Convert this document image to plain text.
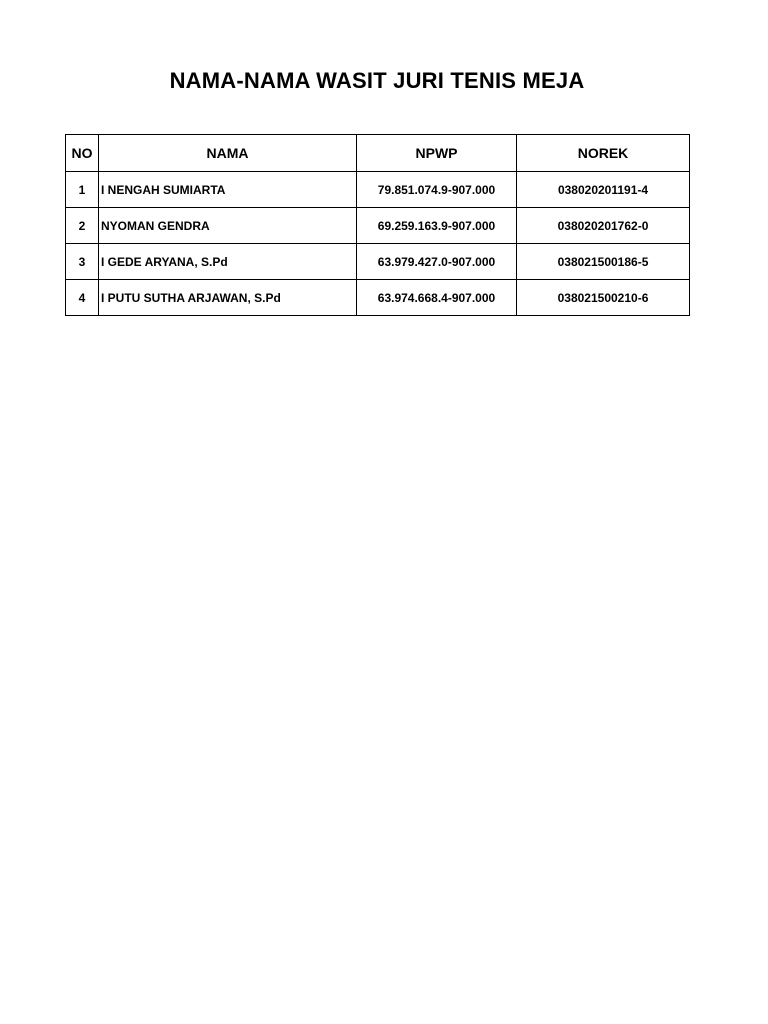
NAMA-NAMA WASIT JURI TENIS MEJA
NO	NAMA	NPWP	NOREK
1	I NENGAH SUMIARTA	79.851.074.9-907.000	038020201191-4
2	NYOMAN GENDRA	69.259.163.9-907.000	038020201762-0
3	I GEDE ARYANA, S.Pd	63.979.427.0-907.000	038021500186-5
4	I PUTU SUTHA ARJAWAN, S.Pd	63.974.668.4-907.000	038021500210-6
